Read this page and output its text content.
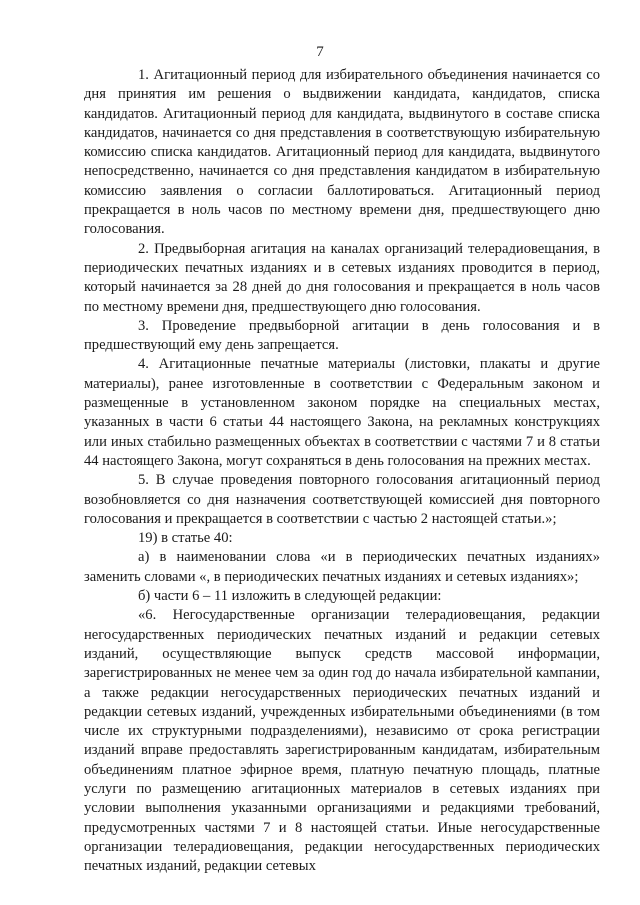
7

1. Агитационный период для избирательного объединения начинается со дня принятия им решения о выдвижении кандидата, кандидатов, списка кандидатов. Агитационный период для кандидата, выдвинутого в составе списка кандидатов, начинается со дня представления в соответствующую избирательную комиссию списка кандидатов. Агитационный период для кандидата, выдвинутого непосредственно, начинается со дня представления кандидатом в избирательную комиссию заявления о согласии баллотироваться. Агитационный период прекращается в ноль часов по местному времени дня, предшествующего дню голосования.

2. Предвыборная агитация на каналах организаций телерадиовещания, в периодических печатных изданиях и в сетевых изданиях проводится в период, который начинается за 28 дней до дня голосования и прекращается в ноль часов по местному времени дня, предшествующего дню голосования.

3. Проведение предвыборной агитации в день голосования и в предшествующий ему день запрещается.

4. Агитационные печатные материалы (листовки, плакаты и другие материалы), ранее изготовленные в соответствии с Федеральным законом и размещенные в установленном законом порядке на специальных местах, указанных в части 6 статьи 44 настоящего Закона, на рекламных конструкциях или иных стабильно размещенных объектах в соответствии с частями 7 и 8 статьи 44 настоящего Закона, могут сохраняться в день голосования на прежних местах.

5. В случае проведения повторного голосования агитационный период возобновляется со дня назначения соответствующей комиссией дня повторного голосования и прекращается в соответствии с частью 2 настоящей статьи.»;

19) в статье 40:

а) в наименовании слова «и в периодических печатных изданиях» заменить словами «, в периодических печатных изданиях и сетевых изданиях»;

б) части 6 – 11 изложить в следующей редакции:

«6. Негосударственные организации телерадиовещания, редакции негосударственных периодических печатных изданий и редакции сетевых изданий, осуществляющие выпуск средств массовой информации, зарегистрированных не менее чем за один год до начала избирательной кампании, а также редакции негосударственных периодических печатных изданий и редакции сетевых изданий, учрежденных избирательными объединениями (в том числе их структурными подразделениями), независимо от срока регистрации изданий вправе предоставлять зарегистрированным кандидатам, избирательным объединениям платное эфирное время, платную печатную площадь, платные услуги по размещению агитационных материалов в сетевых изданиях при условии выполнения указанными организациями и редакциями требований, предусмотренных частями 7 и 8 настоящей статьи. Иные негосударственные организации телерадиовещания, редакции негосударственных периодических печатных изданий, редакции сетевых
